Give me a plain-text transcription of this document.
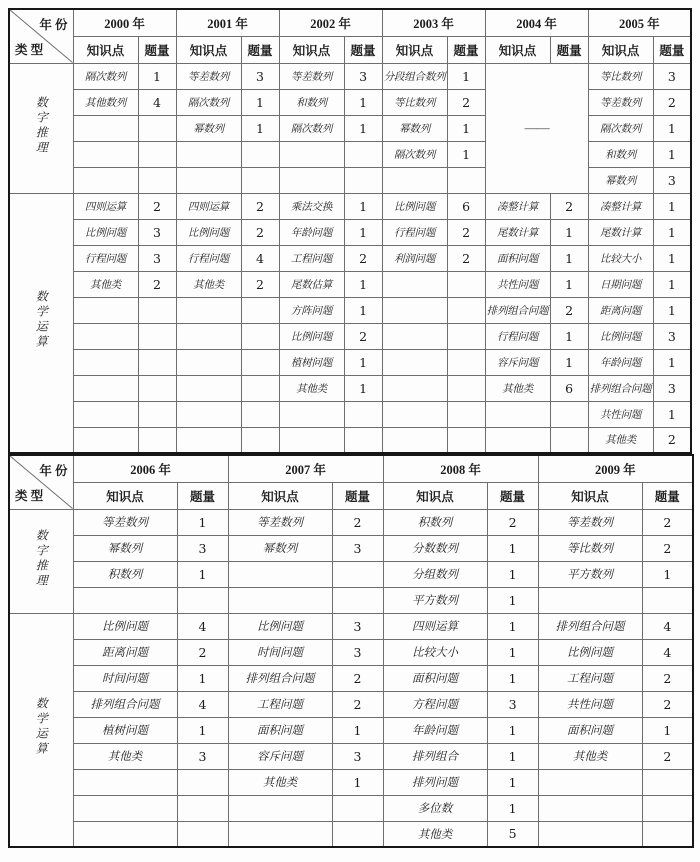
年 份
类 型	2000 年		2001 年		2002 年		2003 年		2004 年		2005 年	
	知识点	题量	知识点	题量	知识点	题量	知识点	题量	知识点	题量	知识点	题量
数字推理	隔次数列	1	等差数列	3	等差数列	3	分段组合数列	1	——		等比数列	3
	其他数列	4	隔次数列	1	和数列	1	等比数列	2			等差数列	2
			幂数列	1	隔次数列	1	幂数列	1			隔次数列	1
							隔次数列	1			和数列	1
											幂数列	3
数学运算	四则运算	2	四则运算	2	乘法交换	1	比例问题	6	凑整计算	2	凑整计算	1
	比例问题	3	比例问题	2	年龄问题	1	行程问题	2	尾数计算	1	尾数计算	1
	行程问题	3	行程问题	4	工程问题	2	利润问题	2	面积问题	1	比较大小	1
	其他类	2	其他类	2	尾数估算	1			共性问题	1	日期问题	1
					方阵问题	1			排列组合问题	2	距离问题	1
					比例问题	2			行程问题	1	比例问题	3
					植树问题	1			容斥问题	1	年龄问题	1
					其他类	1			其他类	6	排列组合问题	3
											共性问题	1
											其他类	2
年 份
类 型	2006 年		2007 年		2008 年		2009 年	
	知识点	题量	知识点	题量	知识点	题量	知识点	题量
数字推理	等差数列	1	等差数列	2	积数列	2	等差数列	2
	幂数列	3	幂数列	3	分数数列	1	等比数列	2
	积数列	1			分组数列	1	平方数列	1
					平方数列	1		
数学运算	比例问题	4	比例问题	3	四则运算	1	排列组合问题	4
	距离问题	2	时间问题	3	比较大小	1	比例问题	4
	时间问题	1	排列组合问题	2	面积问题	1	工程问题	2
	排列组合问题	4	工程问题	2	方程问题	3	共性问题	2
	植树问题	1	面积问题	1	年龄问题	1	面积问题	1
	其他类	3	容斥问题	3	排列组合	1	其他类	2
			其他类	1	排列问题	1		
					多位数	1		
					其他类	5		
